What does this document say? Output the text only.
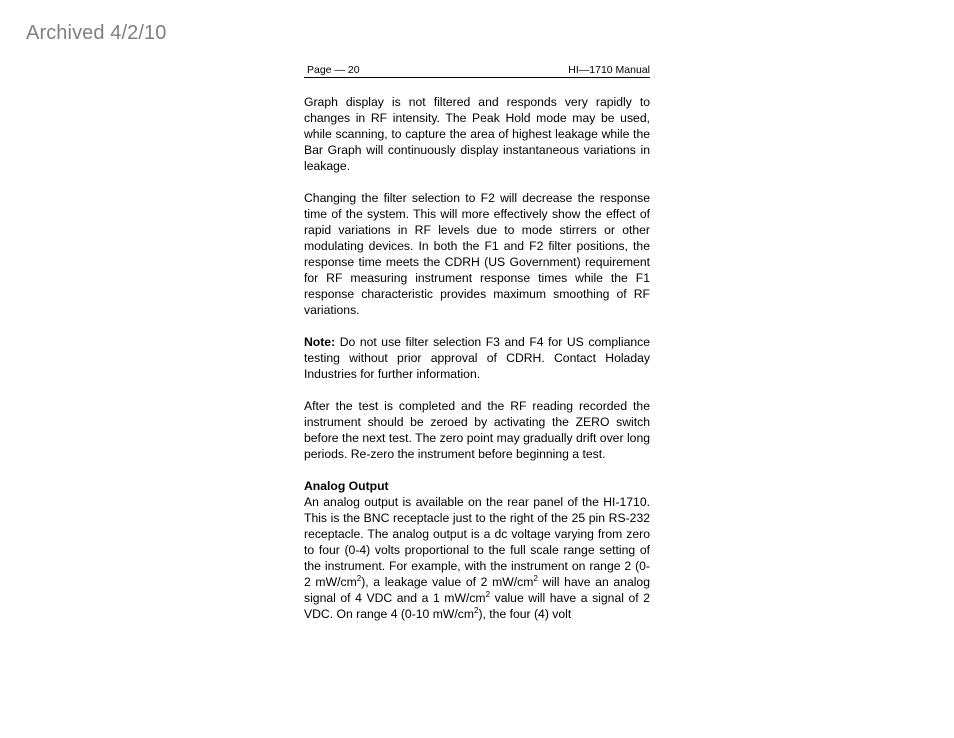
Archived 4/2/10
Page — 20	HI—1710 Manual

Graph display is not filtered and responds very rapidly to changes in RF intensity. The Peak Hold mode may be used, while scanning, to capture the area of highest leakage while the Bar Graph will continuously display instantaneous variations in leakage.

Changing the filter selection to F2 will decrease the response time of the system. This will more effectively show the effect of rapid variations in RF levels due to mode stirrers or other modulating devices. In both the F1 and F2 filter positions, the response time meets the CDRH (US Government) requirement for RF measuring instrument response times while the F1 response characteristic provides maximum smoothing of RF variations.

Note: Do not use filter selection F3 and F4 for US compliance testing without prior approval of CDRH. Contact Holaday Industries for further information.

After the test is completed and the RF reading recorded the instrument should be zeroed by activating the ZERO switch before the next test. The zero point may gradually drift over long periods. Re-zero the instrument before beginning a test.

Analog Output

An analog output is available on the rear panel of the HI-1710. This is the BNC receptacle just to the right of the 25 pin RS-232 receptacle. The analog output is a dc voltage varying from zero to four (0-4) volts proportional to the full scale range setting of the instrument. For example, with the instrument on range 2 (0-2 $mW/cm^2$), a leakage value of 2 $mW/cm^2$ will have an analog signal of 4 VDC and a 1 $mW/cm^2$ value will have a signal of 2 VDC. On range 4 (0-10 $mW/cm^2$), the four (4) volt
